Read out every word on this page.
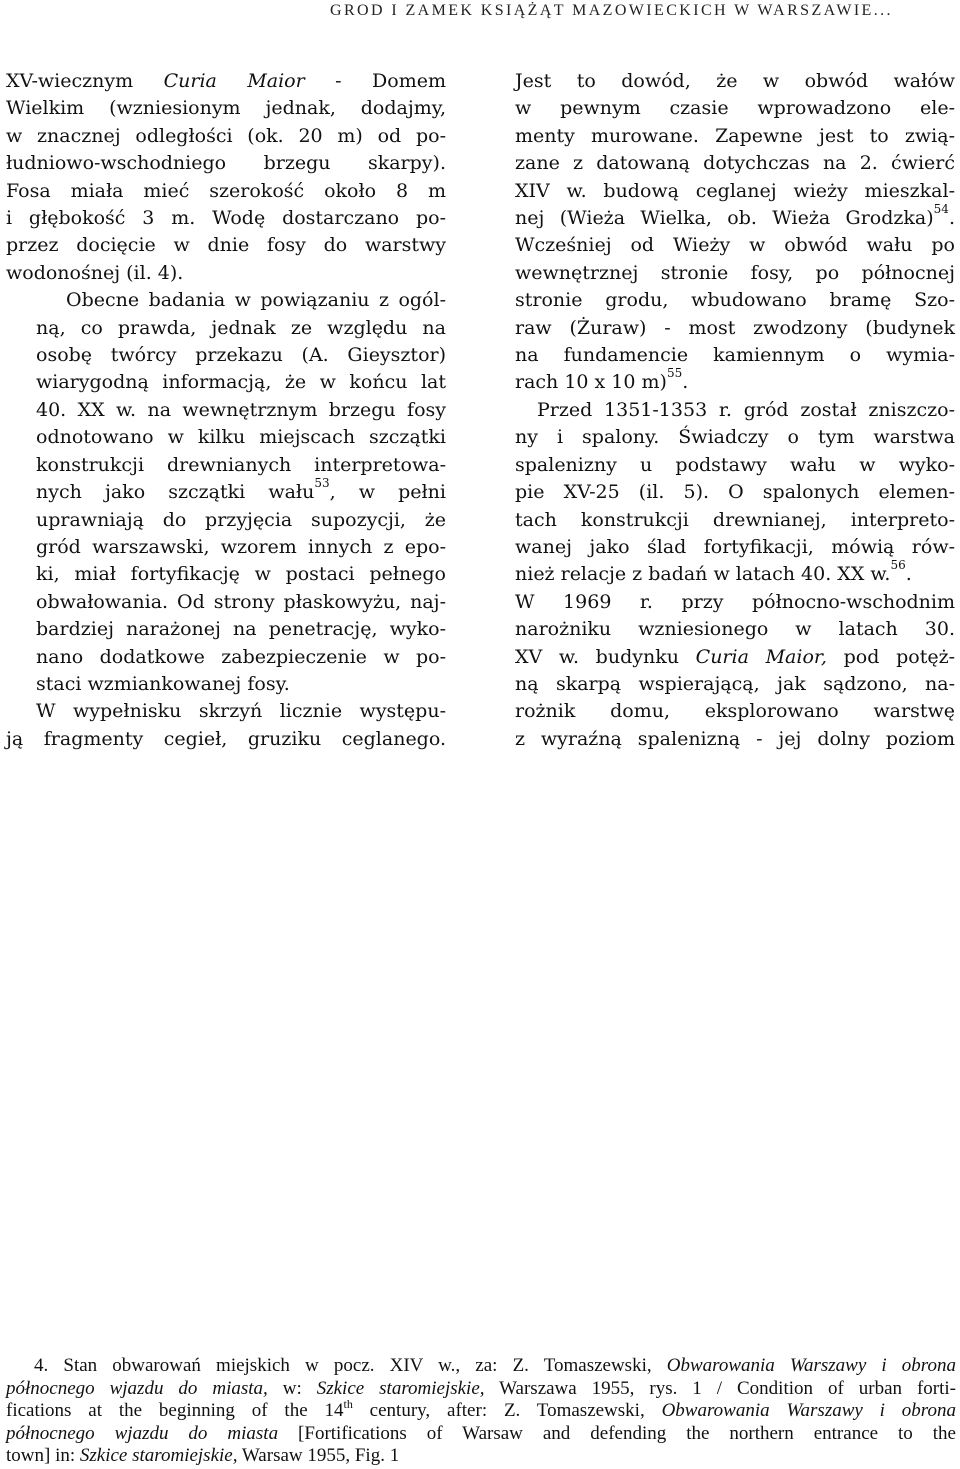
GROD I ZAMEK KSIĄŻĄT MAZOWIECKICH W WARSZAWIE...

XV-wiecznym Curia Maior - Domem
Wielkim (wzniesionym jednak, dodajmy,
w znacznej odległości (ok. 20 m) od po-
łudniowo-wschodniego brzegu skarpy).
Fosa miała mieć szerokość około 8 m
i głębokość 3 m. Wodę dostarczano po-
przez docięcie w dnie fosy do warstwy
wodonośnej (il. 4).

Obecne badania w powiązaniu z ogól-
ną, co prawda, jednak ze względu na
osobę twórcy przekazu (A. Gieysztor)
wiarygodną informacją, że w końcu lat
40. XX w. na wewnętrznym brzegu fosy
odnotowano w kilku miejscach szczątki
konstrukcji drewnianych interpretowa-
nych jako szczątki wału$^{53}$, w pełni
uprawniają do przyjęcia supozycji, że
gród warszawski, wzorem innych z epo-
ki, miał fortyfikację w postaci pełnego
obwałowania. Od strony płaskowyżu, naj-
bardziej narażonej na penetrację, wyko-
nano dodatkowe zabezpieczenie w po-
staci wzmiankowanej fosy.

W wypełnisku skrzyń licznie występu-
ją fragmenty cegieł, gruziku ceglanego.

Jest to dowód, że w obwód wałów
w pewnym czasie wprowadzono ele-
menty murowane. Zapewne jest to zwią-
zane z datowaną dotychczas na 2. ćwierć
XIV w. budową ceglanej wieży mieszkal-
nej (Wieża Wielka, ob. Wieża Grodzka)$^{54}$.
Wcześniej od Wieży w obwód wału po
wewnętrznej stronie fosy, po północnej
stronie grodu, wbudowano bramę Szo-
raw (Żuraw) - most zwodzony (budynek
na fundamencie kamiennym o wymia-
rach 10 x 10 m)$^{55}$.

Przed 1351-1353 r. gród został zniszczo-
ny i spalony. Świadczy o tym warstwa
spalenizny u podstawy wału w wyko-
pie XV-25 (il. 5). O spalonych elemen-
tach konstrukcji drewnianej, interpreto-
wanej jako ślad fortyfikacji, mówią rów-
nież relacje z badań w latach 40. XX w.$^{56}$.
W 1969 r. przy północno-wschodnim
narożniku wzniesionego w latach 30.
XV w. budynku Curia Maior, pod potęż-
ną skarpą wspierającą, jak sądzono, na-
rożnik domu, eksplorowano warstwę
z wyraźną spalenizną - jej dolny poziom

4. Stan obwarowań miejskich w pocz. XIV w., za: Z. Tomaszewski, Obwarowania Warszawy i obrona
północnego wjazdu do miasta, w: Szkice staromiejskie, Warszawa 1955, rys. 1 / Condition of urban forti-
fications at the beginning of the 14th century, after: Z. Tomaszewski, Obwarowania Warszawy i obrona
północnego wjazdu do miasta [Fortifications of Warsaw and defending the northern entrance to the
town] in: Szkice staromiejskie, Warsaw 1955, Fig. 1
